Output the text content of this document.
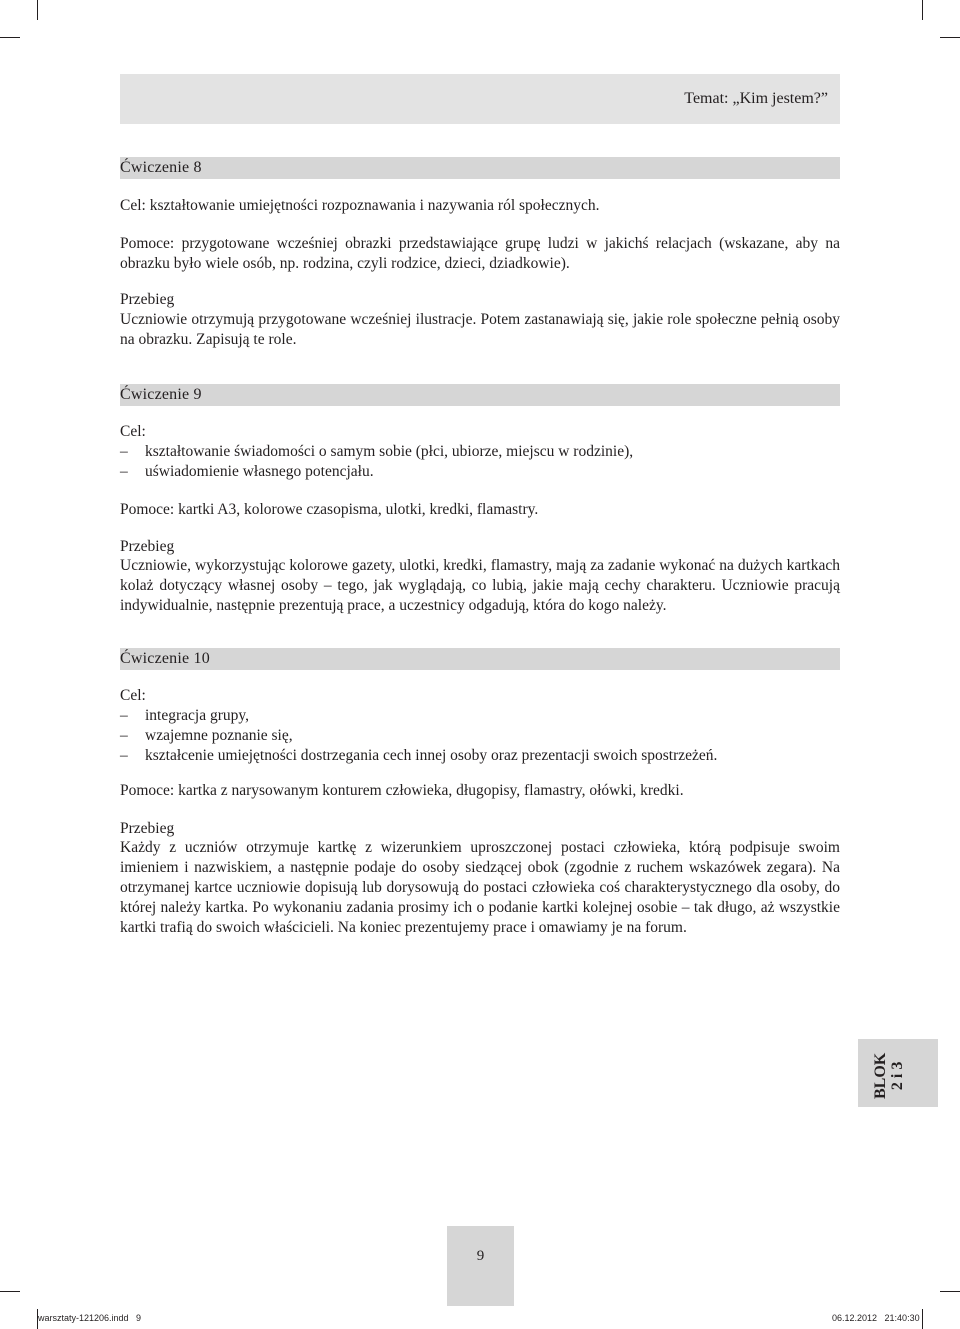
Temat: „Kim jestem?”
Ćwiczenie 8
Cel: kształtowanie umiejętności rozpoznawania i nazywania ról społecznych.
Pomoce: przygotowane wcześniej obrazki przedstawiające grupę ludzi w jakichś relacjach (wskazane, aby na obrazku było wiele osób, np. rodzina, czyli rodzice, dzieci, dziadkowie).
Przebieg
Uczniowie otrzymują przygotowane wcześniej ilustracje. Potem zastanawiają się, jakie role społeczne pełnią osoby na obrazku. Zapisują te role.
Ćwiczenie 9
Cel:
– kształtowanie świadomości o samym sobie (płci, ubiorze, miejscu w rodzinie),
– uświadomienie własnego potencjału.
Pomoce: kartki A3, kolorowe czasopisma, ulotki, kredki, flamastry.
Przebieg
Uczniowie, wykorzystując kolorowe gazety, ulotki, kredki, flamastry, mają za zadanie wykonać na dużych kartkach kolaż dotyczący własnej osoby – tego, jak wyglądają, co lubią, jakie mają cechy charakteru. Uczniowie pracują indywidualnie, następnie prezentują prace, a uczestnicy odgadują, która do kogo należy.
Ćwiczenie 10
Cel:
– integracja grupy,
– wzajemne poznanie się,
– kształcenie umiejętności dostrzegania cech innej osoby oraz prezentacji swoich spostrzeżeń.
Pomoce: kartka z narysowanym konturem człowieka, długopisy, flamastry, ołówki, kredki.
Przebieg
Każdy z uczniów otrzymuje kartkę z wizerunkiem uproszczonej postaci człowieka, którą podpisuje swoim imieniem i nazwiskiem, a następnie podaje do osoby siedzącej obok (zgodnie z ruchem wskazówek zegara). Na otrzymanej kartce uczniowie dopisują lub dorysowują do postaci człowieka coś charakterystycznego dla osoby, do której należy kartka. Po wykonaniu zadania prosimy ich o podanie kartki kolejnej osobie – tak długo, aż wszystkie kartki trafią do swoich właścicieli. Na koniec prezentujemy prace i omawiamy je na forum.
BLOK 2 i 3
9
warsztaty-121206.indd   9	06.12.2012   21:40:30
